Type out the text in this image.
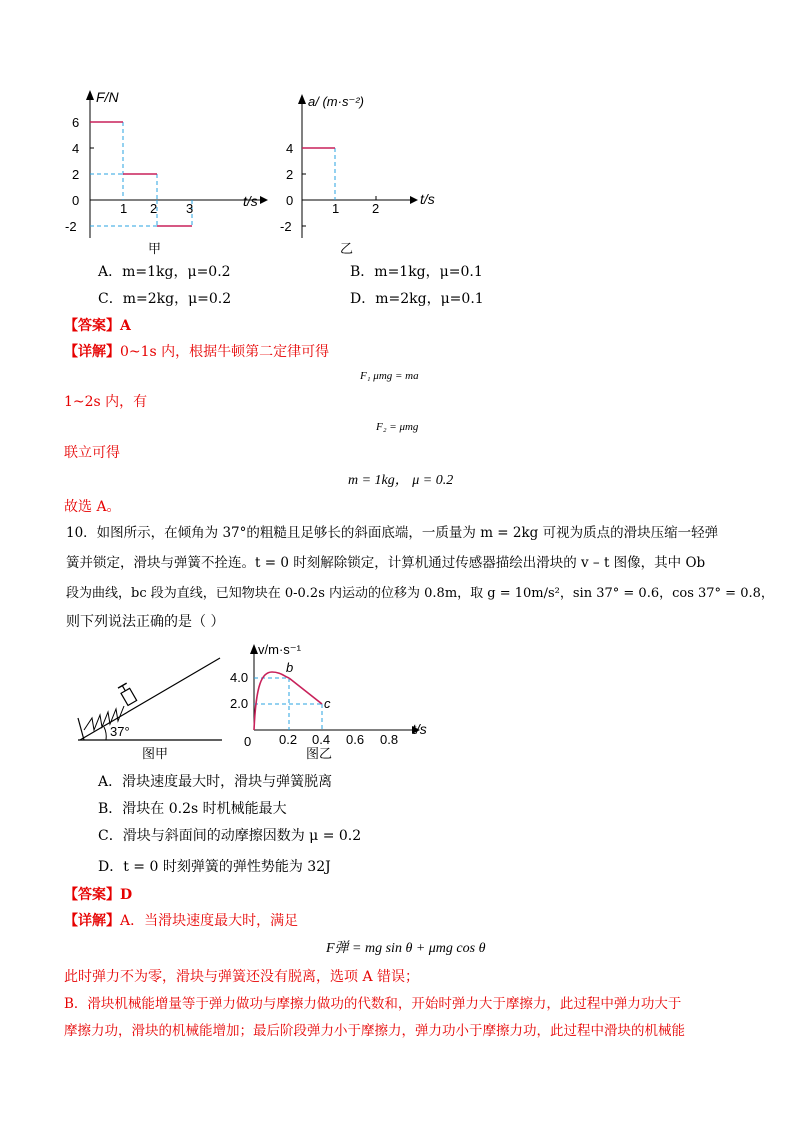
F/N
6
4
2
0
-2
1 2 3	t/s
甲
a/ (m·s⁻²)
4
2
0
-2
1	2
t/s
乙
A．m=1kg，μ=0.2	B．m=1kg，μ=0.1
C．m=2kg，μ=0.2	D．m=2kg，μ=0.1
【答案】A
【详解】0~1s 内，根据牛顿第二定律可得
F₁ μmg = ma
1~2s 内，有
F₂ = μmg
联立可得
m = 1kg， μ = 0.2
故选 A。
10．如图所示，在倾角为 37°的粗糙且足够长的斜面底端，一质量为 m = 2kg 可视为质点的滑块压缩一轻弹
簧并锁定，滑块与弹簧不拴连。t = 0 时刻解除锁定，计算机通过传感器描绘出滑块的 v – t 图像，其中 Ob
段为曲线，bc 段为直线，已知物块在 0-0.2s 内运动的位移为 0.8m，取 g = 10m/s²，sin 37° = 0.6，cos 37° = 0.8，
则下列说法正确的是（ ）
37°
图甲
v/m·s⁻¹
4.0
2.0
0 0.2 0.4 0.6 0.8
t/s
b
c
图乙
A．滑块速度最大时，滑块与弹簧脱离
B．滑块在 0.2s 时机械能最大
C．滑块与斜面间的动摩擦因数为 μ = 0.2
D．t = 0 时刻弹簧的弹性势能为 32J
【答案】D
【详解】A．当滑块速度最大时，满足
F弹 = mg sin θ + μmg cos θ
此时弹力不为零，滑块与弹簧还没有脱离，选项 A 错误；
B．滑块机械能增量等于弹力做功与摩擦力做功的代数和，开始时弹力大于摩擦力，此过程中弹力功大于
摩擦力功，滑块的机械能增加；最后阶段弹力小于摩擦力，弹力功小于摩擦力功，此过程中滑块的机械能
